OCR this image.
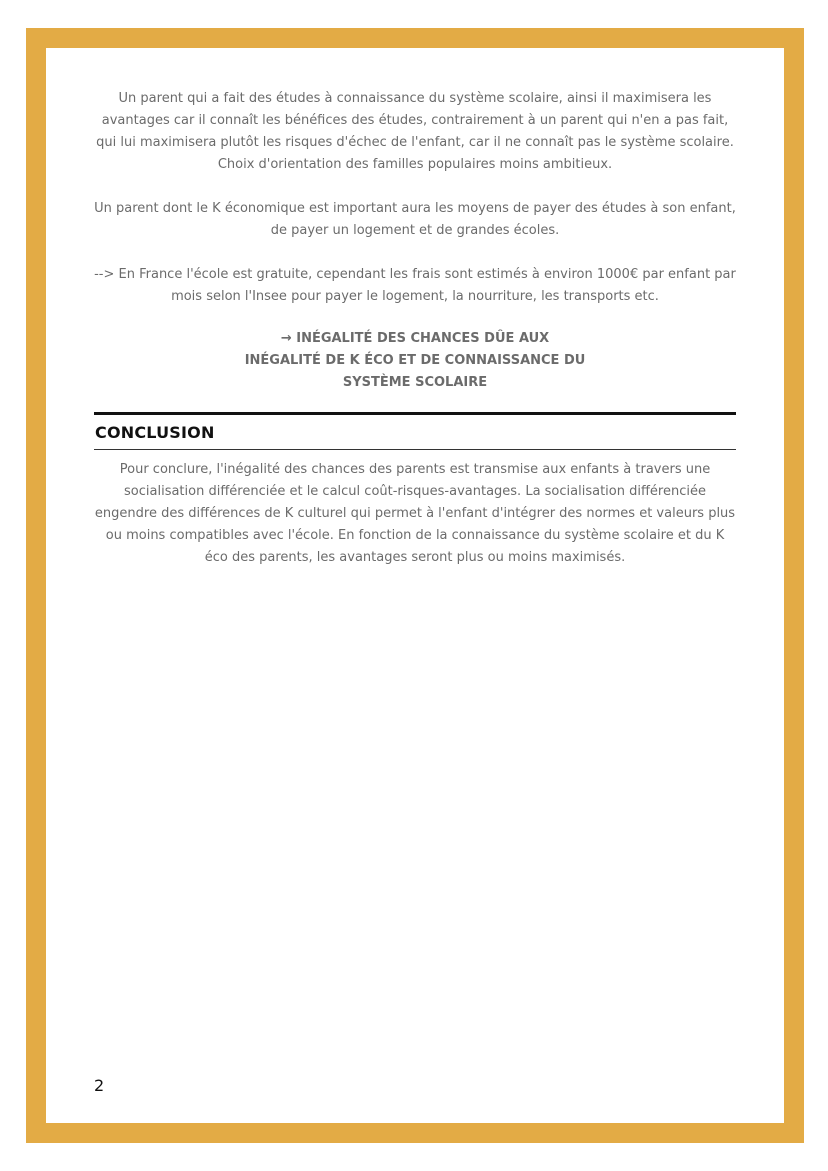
Un parent qui a fait des études à connaissance du système scolaire, ainsi il maximisera les avantages car il connaît les bénéfices des études, contrairement à un parent qui n'en a pas fait, qui lui maximisera plutôt les risques d'échec de l'enfant, car il ne connaît pas le système scolaire. Choix d'orientation des familles populaires moins ambitieux.

Un parent dont le K économique est important aura les moyens de payer des études à son enfant, de payer un logement et de grandes écoles.

--> En France l'école est gratuite, cependant les frais sont estimés à environ 1000€ par enfant par mois selon l'Insee pour payer le logement, la nourriture, les transports etc.

→ INÉGALITÉ DES CHANCES DÛE AUX
INÉGALITÉ DE K ÉCO ET DE CONNAISSANCE DU
SYSTÈME SCOLAIRE
CONCLUSION

Pour conclure, l'inégalité des chances des parents est transmise aux enfants à travers une socialisation différenciée et le calcul coût-risques-avantages. La socialisation différenciée engendre des différences de K culturel qui permet à l'enfant d'intégrer des normes et valeurs plus ou moins compatibles avec l'école. En fonction de la connaissance du système scolaire et du K éco des parents, les avantages seront plus ou moins maximisés.

2
